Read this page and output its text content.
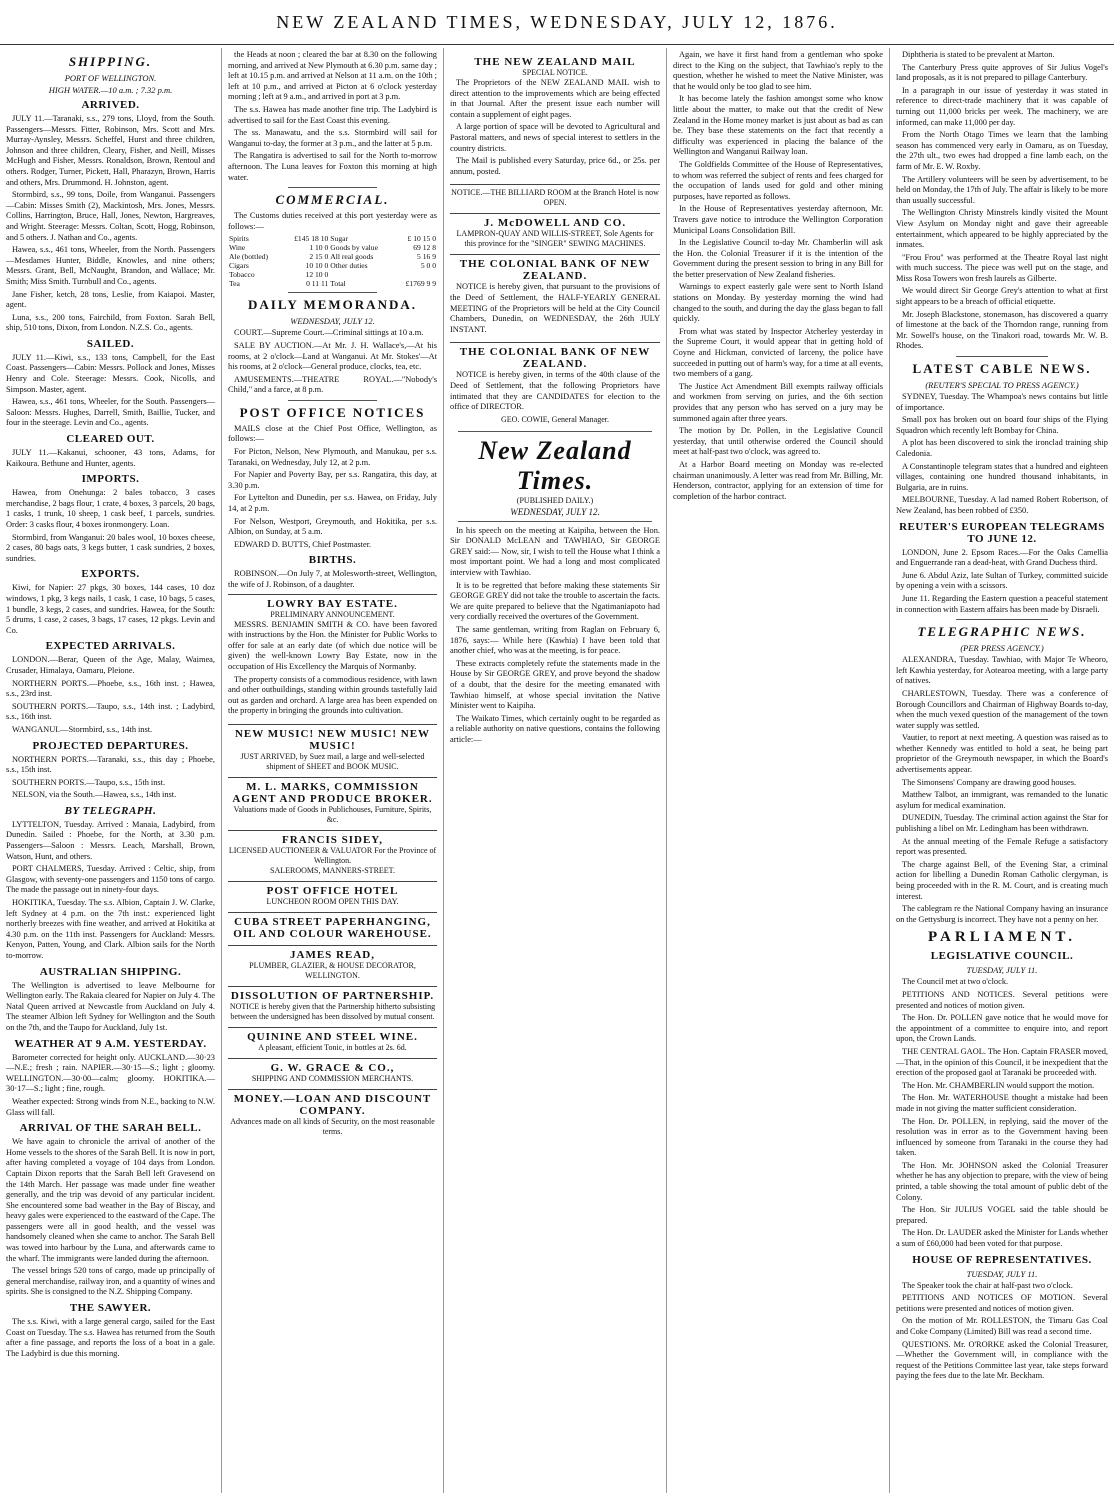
NEW ZEALAND TIMES, WEDNESDAY, JULY 12, 1876.
SHIPPING.
PORT OF WELLINGTON.
HIGH WATER.—10 a.m. ; 7.32 p.m.
ARRIVED.

JULY 11.—Taranaki, s.s., 279 tons, Lloyd, from the South. Passengers—Messrs. Fitter, Robinson, Mrs. Scott and Mrs. Murray-Aynsley, Messrs. Scheffel, Hurst and three children, Johnson and three children, Cleary, Fisher, and Neill, Misses McHugh and Fisher, Messrs. Ronaldson, Brown, Rentoul and others. Rodger, Turner, Pickett, Hall, Pharazyn, Brown, Harris and others, Mrs. Drummond. H. Johnston, agent.

Stormbird, s.s., 99 tons, Doile, from Wanganui. Passengers—Cabin: Misses Smith (2), Mackintosh, Mrs. Jones, Messrs. Collins, Harrington, Bruce, Hall, Jones, Newton, Hargreaves, and Wright. Steerage: Messrs. Coltan, Scott, Hogg, Robinson, and 5 others. J. Nathan and Co., agents.

Hawea, s.s., 461 tons, Wheeler, from the North. Passengers—Mesdames Hunter, Biddle, Knowles, and nine others; Messrs. Grant, Bell, McNaught, Brandon, and Wallace; Mr. Smith; Miss Smith. Turnbull and Co., agents.

Jane Fisher, ketch, 28 tons, Leslie, from Kaiapoi. Master, agent.

Luna, s.s., 200 tons, Fairchild, from Foxton. Sarah Bell, ship, 510 tons, Dixon, from London. N.Z.S. Co., agents.

SAILED.

JULY 11.—Kiwi, s.s., 133 tons, Campbell, for the East Coast. Passengers—Cabin: Messrs. Pollock and Jones, Misses Henry and Cole. Steerage: Messrs. Cook, Nicolls, and Simpson. Master, agent.

Hawea, s.s., 461 tons, Wheeler, for the South. Passengers—Saloon: Messrs. Hughes, Darrell, Smith, Baillie, Tucker, and four in the steerage. Levin and Co., agents.

CLEARED OUT.

JULY 11.—Kakanui, schooner, 43 tons, Adams, for Kaikoura. Bethune and Hunter, agents.

IMPORTS.

Hawea, from Onehunga: 2 bales tobacco, 3 cases merchandise, 2 bags flour, 1 crate, 4 boxes, 3 parcels, 20 bags, 1 casks, 1 trunk, 10 sheep, 1 cask beef, 1 parcels, sundries. Order: 3 casks flour, 4 boxes ironmongery. Loan.

Stormbird, from Wanganui: 20 bales wool, 10 boxes cheese, 2 cases, 80 bags oats, 3 kegs butter, 1 cask sundries, 2 boxes, sundries.

EXPORTS.

Kiwi, for Napier: 27 pkgs, 30 boxes, 144 cases, 10 doz windows, 1 pkg, 3 kegs nails, 1 cask, 1 case, 10 bags, 5 cases, 1 bundle, 3 kegs, 2 cases, and sundries. Hawea, for the South: 5 drums, 1 case, 2 cases, 3 bags, 17 cases, 12 pkgs. Levin and Co.

EXPECTED ARRIVALS.

LONDON.—Berar, Queen of the Age, Malay, Waimea, Crusader, Himalaya, Oamaru, Pleione.

NORTHERN PORTS.—Phoebe, s.s., 16th inst. ; Hawea, s.s., 23rd inst.

SOUTHERN PORTS.—Taupo, s.s., 14th inst. ; Ladybird, s.s., 16th inst.

WANGANUI.—Stormbird, s.s., 14th inst.

PROJECTED DEPARTURES.

NORTHERN PORTS.—Taranaki, s.s., this day ; Phoebe, s.s., 15th inst.

SOUTHERN PORTS.—Taupo, s.s., 15th inst.

NELSON, via the South.—Hawea, s.s., 14th inst.

BY TELEGRAPH.

LYTTELTON, Tuesday. Arrived : Manaia, Ladybird, from Dunedin. Sailed : Phoebe, for the North, at 3.30 p.m. Passengers—Saloon : Messrs. Leach, Marshall, Brown, Watson, Hunt, and others.

PORT CHALMERS, Tuesday. Arrived : Celtic, ship, from Glasgow, with seventy-one passengers and 1150 tons of cargo. The made the passage out in ninety-four days.

HOKITIKA, Tuesday. The s.s. Albion, Captain J. W. Clarke, left Sydney at 4 p.m. on the 7th inst.: experienced light northerly breezes with fine weather, and arrived at Hokitika at 4.30 p.m. on the 11th inst. Passengers for Auckland: Messrs. Kenyon, Patten, Young, and Clark. Albion sails for the North to-morrow.

AUSTRALIAN SHIPPING.

The Wellington is advertised to leave Melbourne for Wellington early. The Rakaia cleared for Napier on July 4. The Natal Queen arrived at Newcastle from Auckland on July 4. The steamer Albion left Sydney for Wellington and the South on the 7th, and the Taupo for Auckland, July 1st.

WEATHER AT 9 A.M. YESTERDAY.

Barometer corrected for height only. AUCKLAND.—30·23—N.E.; fresh ; rain. NAPIER.—30·15—S.; light ; gloomy. WELLINGTON.—30·00—calm; gloomy. HOKITIKA.—30·17—S.; light ; fine, rough.

Weather expected: Strong winds from N.E., backing to N.W. Glass will fall.

ARRIVAL OF THE SARAH BELL.

We have again to chronicle the arrival of another of the Home vessels to the shores of the Sarah Bell. It is now in port, after having completed a voyage of 104 days from London. Captain Dixon reports that the Sarah Bell left Gravesend on the 14th March. Her passage was made under fine weather generally, and the trip was devoid of any particular incident. She encountered some bad weather in the Bay of Biscay, and heavy gales were experienced to the eastward of the Cape. The passengers were all in good health, and the vessel was handsomely cleaned when she came to anchor. The Sarah Bell was towed into harbour by the Luna, and afterwards came to the wharf. The immigrants were landed during the afternoon.

The vessel brings 520 tons of cargo, made up principally of general merchandise, railway iron, and a quantity of wines and spirits. She is consigned to the N.Z. Shipping Company.

THE SAWYER.

The s.s. Kiwi, with a large general cargo, sailed for the East Coast on Tuesday. The s.s. Hawea has returned from the South after a fine passage, and reports the loss of a boat in a gale. The Ladybird is due this morning.

the Heads at noon ; cleared the bar at 8.30 on the following morning, and arrived at New Plymouth at 6.30 p.m. same day ; left at 10.15 p.m. and arrived at Nelson at 11 a.m. on the 10th ; left at 10 p.m., and arrived at Picton at 6 o'clock yesterday morning ; left at 9 a.m., and arrived in port at 3 p.m.

The s.s. Hawea has made another fine trip. The Ladybird is advertised to sail for the East Coast this evening.

The ss. Manawatu, and the s.s. Stormbird will sail for Wanganui to-day, the former at 3 p.m., and the latter at 5 p.m.

The Rangatira is advertised to sail for the North to-morrow afternoon. The Luna leaves for Foxton this morning at high water.

COMMERCIAL.

The Customs duties received at this port yesterday were as follows:—

Spirits	£145 18 10	Sugar	£ 10 15 0
Wine	1 10 0	Goods by value	69 12 8
Ale (bottled)	2 15 0	All real goods	5 16 9
Cigars	10 10 0	Other duties	5 0 0
Tobacco	12 10 0		
Tea	0 11 11	Total	£1769 9 9
DAILY MEMORANDA.
WEDNESDAY, JULY 12.

COURT.—Supreme Court.—Criminal sittings at 10 a.m.

SALE BY AUCTION.—At Mr. J. H. Wallace's,—At his rooms, at 2 o'clock—Land at Wanganui. At Mr. Stokes'—At his rooms, at 2 o'clock—General produce, clocks, tea, etc.

AMUSEMENTS.—THEATRE ROYAL.—"Nobody's Child," and a farce, at 8 p.m.

POST OFFICE NOTICES

MAILS close at the Chief Post Office, Wellington, as follows:—

For Picton, Nelson, New Plymouth, and Manukau, per s.s. Taranaki, on Wednesday, July 12, at 2 p.m.

For Napier and Poverty Bay, per s.s. Rangatira, this day, at 3.30 p.m.

For Lyttelton and Dunedin, per s.s. Hawea, on Friday, July 14, at 2 p.m.

For Nelson, Westport, Greymouth, and Hokitika, per s.s. Albion, on Sunday, at 5 a.m.

EDWARD D. BUTTS, Chief Postmaster.

BIRTHS.

ROBINSON.—On July 7, at Molesworth-street, Wellington, the wife of J. Robinson, of a daughter.

LOWRY BAY ESTATE.
PRELIMINARY ANNOUNCEMENT.

MESSRS. BENJAMIN SMITH & CO. have been favored with instructions by the Hon. the Minister for Public Works to offer for sale at an early date (of which due notice will be given) the well-known Lowry Bay Estate, now in the occupation of His Excellency the Marquis of Normanby.

The property consists of a commodious residence, with lawn and other outbuildings, standing within grounds tastefully laid out as garden and orchard. A large area has been expended on the property in bringing the grounds into cultivation.

NEW MUSIC! NEW MUSIC! NEW MUSIC!
JUST ARRIVED, by Suez mail, a large and well-selected shipment of SHEET and BOOK MUSIC.
M. L. MARKS, COMMISSION AGENT AND PRODUCE BROKER.
Valuations made of Goods in Publichouses, Furniture, Spirits, &c.
FRANCIS SIDEY,
LICENSED AUCTIONEER & VALUATOR For the Province of Wellington.
SALEROOMS, MANNERS-STREET.
POST OFFICE HOTEL
LUNCHEON ROOM OPEN THIS DAY.
CUBA STREET PAPERHANGING, OIL AND COLOUR WAREHOUSE.
JAMES READ,
PLUMBER, GLAZIER, & HOUSE DECORATOR, WELLINGTON.
DISSOLUTION OF PARTNERSHIP.
NOTICE is hereby given that the Partnership hitherto subsisting between the undersigned has been dissolved by mutual consent.
QUININE AND STEEL WINE.
A pleasant, efficient Tonic, in bottles at 2s. 6d.
G. W. GRACE & CO.,
SHIPPING AND COMMISSION MERCHANTS.
MONEY.—LOAN AND DISCOUNT COMPANY.
Advances made on all kinds of Security, on the most reasonable terms.
THE NEW ZEALAND MAIL
SPECIAL NOTICE.

The Proprietors of the NEW ZEALAND MAIL wish to direct attention to the improvements which are being effected in that Journal. After the present issue each number will contain a supplement of eight pages.

A large portion of space will be devoted to Agricultural and Pastoral matters, and news of special interest to settlers in the country districts.

The Mail is published every Saturday, price 6d., or 25s. per annum, posted.

NOTICE.—THE BILLIARD ROOM at the Branch Hotel is now OPEN.
J. McDOWELL AND CO.
LAMPRON-QUAY AND WILLIS-STREET, Sole Agents for this province for the "SINGER" SEWING MACHINES.
THE COLONIAL BANK OF NEW ZEALAND.

NOTICE is hereby given, that pursuant to the provisions of the Deed of Settlement, the HALF-YEARLY GENERAL MEETING of the Proprietors will be held at the City Council Chambers, Dunedin, on WEDNESDAY, the 26th JULY INSTANT.

THE COLONIAL BANK OF NEW ZEALAND.

NOTICE is hereby given, in terms of the 40th clause of the Deed of Settlement, that the following Proprietors have intimated that they are CANDIDATES for election to the office of DIRECTOR.

GEO. COWIE, General Manager.
New Zealand Times.
(PUBLISHED DAILY.)
WEDNESDAY, JULY 12.

In his speech on the meeting at Kaipiha, between the Hon. Sir DONALD McLEAN and TAWHIAO, Sir GEORGE GREY said:— Now, sir, I wish to tell the House what I think a most important point. We had a long and most complicated interview with Tawhiao.

It is to be regretted that before making these statements Sir GEORGE GREY did not take the trouble to ascertain the facts. We are quite prepared to believe that the Ngatimaniapoto had very cordially received the overtures of the Government.

The same gentleman, writing from Raglan on February 6, 1876, says:— While here (Kawhia) I have been told that another chief, who was at the meeting, is for peace.

These extracts completely refute the statements made in the House by Sir GEORGE GREY, and prove beyond the shadow of a doubt, that the desire for the meeting emanated with Tawhiao himself, at whose special invitation the Native Minister went to Kaipiha.

The Waikato Times, which certainly ought to be regarded as a reliable authority on native questions, contains the following article:—

Again, we have it first hand from a gentleman who spoke direct to the King on the subject, that Tawhiao's reply to the question, whether he wished to meet the Native Minister, was that he would only be too glad to see him.

It has become lately the fashion amongst some who know little about the matter, to make out that the credit of New Zealand in the Home money market is just about as bad as can be. They base these statements on the fact that recently a difficulty was experienced in placing the balance of the Wellington and Wanganui Railway loan.

The Goldfields Committee of the House of Representatives, to whom was referred the subject of rents and fees charged for the occupation of lands used for gold and other mining purposes, have reported as follows.

In the House of Representatives yesterday afternoon, Mr. Travers gave notice to introduce the Wellington Corporation Municipal Loans Consolidation Bill.

In the Legislative Council to-day Mr. Chamberlin will ask the Hon. the Colonial Treasurer if it is the intention of the Government during the present session to bring in any Bill for the better preservation of New Zealand fisheries.

Warnings to expect easterly gale were sent to North Island stations on Monday. By yesterday morning the wind had changed to the south, and during the day the glass began to fall quickly.

From what was stated by Inspector Atcherley yesterday in the Supreme Court, it would appear that in getting hold of Coyne and Hickman, convicted of larceny, the police have succeeded in putting out of harm's way, for a time at all events, two members of a gang.

The Justice Act Amendment Bill exempts railway officials and workmen from serving on juries, and the 6th section provides that any person who has served on a jury may be summoned again after three years.

The motion by Dr. Pollen, in the Legislative Council yesterday, that until otherwise ordered the Council should meet at half-past two o'clock, was agreed to.

At a Harbor Board meeting on Monday was re-elected chairman unanimously. A letter was read from Mr. Billing, Mr. Henderson, contractor, applying for an extension of time for completion of the harbor contract.

Diphtheria is stated to be prevalent at Marton.

The Canterbury Press quite approves of Sir Julius Vogel's land proposals, as it is not prepared to pillage Canterbury.

In a paragraph in our issue of yesterday it was stated in reference to direct-trade machinery that it was capable of turning out 11,000 bricks per week. The machinery, we are informed, can make 11,000 per day.

From the North Otago Times we learn that the lambing season has commenced very early in Oamaru, as on Tuesday, the 27th ult., two ewes had dropped a fine lamb each, on the farm of Mr. E. W. Roxby.

The Artillery volunteers will be seen by advertisement, to be held on Monday, the 17th of July. The affair is likely to be more than usually successful.

The Wellington Christy Minstrels kindly visited the Mount View Asylum on Monday night and gave their agreeable entertainment, which appeared to be highly appreciated by the inmates.

"Frou Frou" was performed at the Theatre Royal last night with much success. The piece was well put on the stage, and Miss Rosa Towers won fresh laurels as Gilberte.

We would direct Sir George Grey's attention to what at first sight appears to be a breach of official etiquette.

Mr. Joseph Blackstone, stonemason, has discovered a quarry of limestone at the back of the Thorndon range, running from Mr. Sowell's house, on the Tinakori road, towards Mr. W. B. Rhodes.

LATEST CABLE NEWS.
(REUTER'S SPECIAL TO PRESS AGENCY.)

SYDNEY, Tuesday. The Whampoa's news contains but little of importance.

Small pox has broken out on board four ships of the Flying Squadron which recently left Bombay for China.

A plot has been discovered to sink the ironclad training ship Caledonia.

A Constantinople telegram states that a hundred and eighteen villages, containing one hundred thousand inhabitants, in Bulgaria, are in ruins.

MELBOURNE, Tuesday. A lad named Robert Robertson, of New Zealand, has been robbed of £350.

REUTER'S EUROPEAN TELEGRAMS TO JUNE 12.

LONDON, June 2. Epsom Races.—For the Oaks Camellia and Enguerrande ran a dead-heat, with Grand Duchess third.

June 6. Abdul Aziz, late Sultan of Turkey, committed suicide by opening a vein with a scissors.

June 11. Regarding the Eastern question a peaceful statement in connection with Eastern affairs has been made by Disraeli.

TELEGRAPHIC NEWS.
(PER PRESS AGENCY.)

ALEXANDRA, Tuesday. Tawhiao, with Major Te Wheoro, left Kawhia yesterday, for Aotearoa meeting, with a large party of natives.

CHARLESTOWN, Tuesday. There was a conference of Borough Councillors and Chairman of Highway Boards to-day, when the much vexed question of the management of the town water supply was settled.

Vautier, to report at next meeting. A question was raised as to whether Kennedy was entitled to hold a seat, he being part proprietor of the Greymouth newspaper, in which the Board's advertisements appear.

The Simonsens' Company are drawing good houses.

Matthew Talbot, an immigrant, was remanded to the lunatic asylum for medical examination.

DUNEDIN, Tuesday. The criminal action against the Star for publishing a libel on Mr. Ledingham has been withdrawn.

At the annual meeting of the Female Refuge a satisfactory report was presented.

The charge against Bell, of the Evening Star, a criminal action for libelling a Dunedin Roman Catholic clergyman, is being proceeded with in the R. M. Court, and is creating much interest.

The cablegram re the National Company having an insurance on the Gettysburg is incorrect. They have not a penny on her.

PARLIAMENT.
LEGISLATIVE COUNCIL.

TUESDAY, JULY 11.

The Council met at two o'clock.

PETITIONS AND NOTICES. Several petitions were presented and notices of motion given.

The Hon. Dr. POLLEN gave notice that he would move for the appointment of a committee to enquire into, and report upon, the Crown Lands.

THE CENTRAL GAOL. The Hon. Captain FRASER moved,—That, in the opinion of this Council, it be inexpedient that the erection of the proposed gaol at Taranaki be proceeded with.

The Hon. Mr. CHAMBERLIN would support the motion.

The Hon. Mr. WATERHOUSE thought a mistake had been made in not giving the matter sufficient consideration.

The Hon. Dr. POLLEN, in replying, said the mover of the resolution was in error as to the Government having been influenced by someone from Taranaki in the course they had taken.

The Hon. Mr. JOHNSON asked the Colonial Treasurer whether he has any objection to prepare, with the view of being printed, a table showing the total amount of public debt of the Colony.

The Hon. Sir JULIUS VOGEL said the table should be prepared.

The Hon. Dr. LAUDER asked the Minister for Lands whether a sum of £60,000 had been voted for that purpose.

HOUSE OF REPRESENTATIVES.

TUESDAY, JULY 11.

The Speaker took the chair at half-past two o'clock.

PETITIONS AND NOTICES OF MOTION. Several petitions were presented and notices of motion given.

On the motion of Mr. ROLLESTON, the Timaru Gas Coal and Coke Company (Limited) Bill was read a second time.

QUESTIONS. Mr. O'RORKE asked the Colonial Treasurer,—Whether the Government will, in compliance with the request of the Petitions Committee last year, take steps forward paying the fees due to the late Mr. Beckham.
